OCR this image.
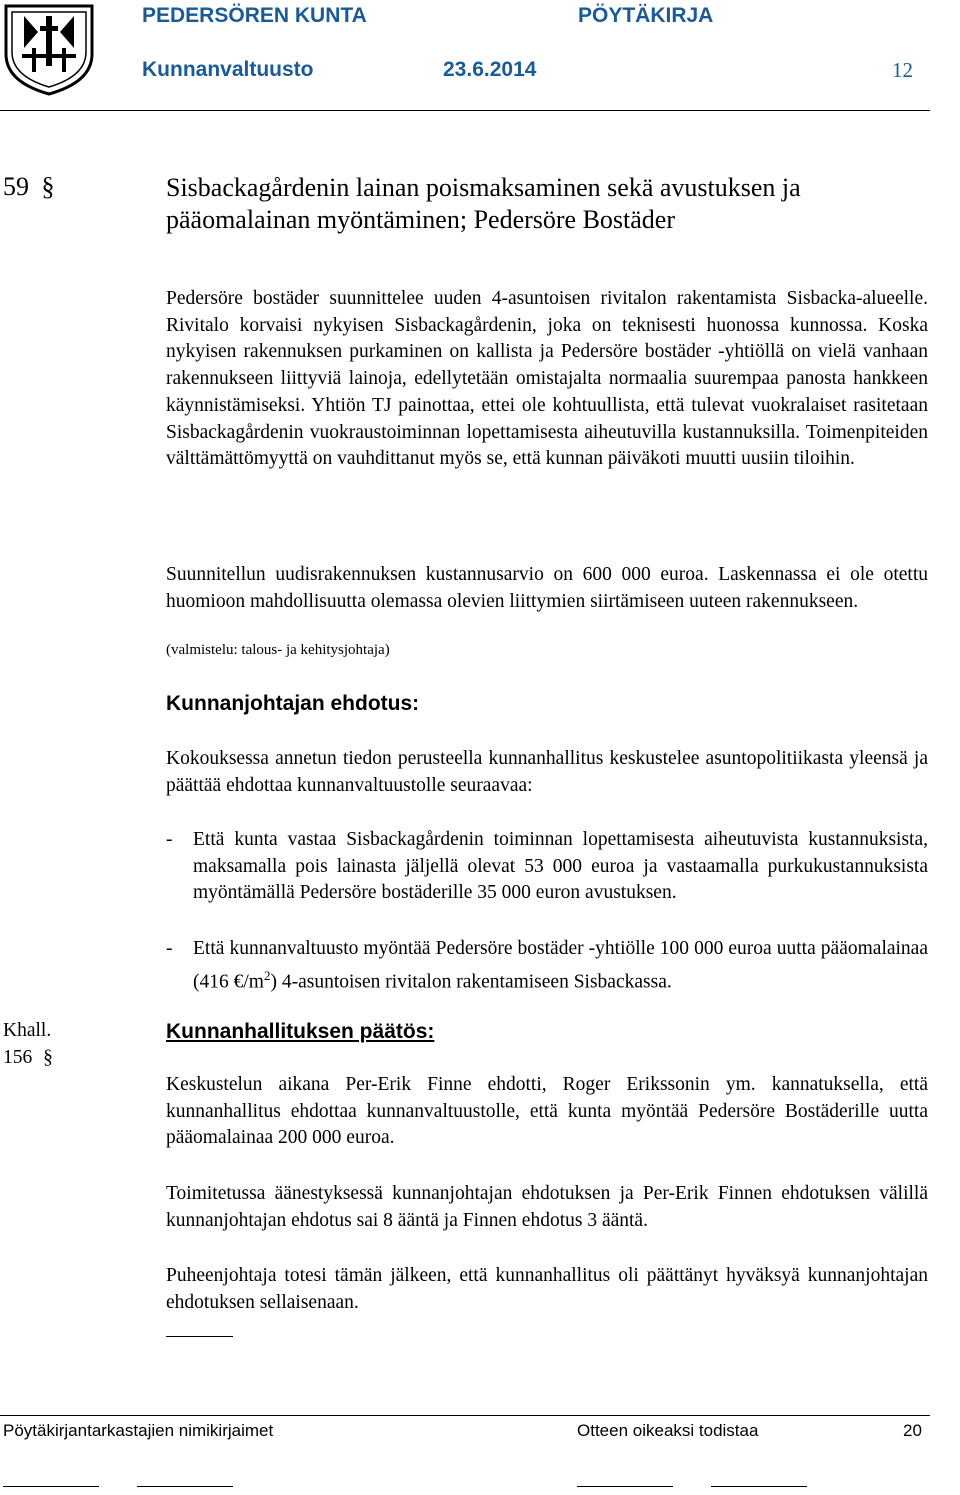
PEDERSÖREN KUNTA	PÖYTÄKIRJA
Kunnanvaltuusto	23.6.2014	12
59 §	Sisbackagårdenin lainan poismaksaminen sekä avustuksen ja pääomalainan myöntäminen; Pedersöre Bostäder
Pedersöre bostäder suunnittelee uuden 4-asuntoisen rivitalon rakentamista Sisbacka-alueelle. Rivitalo korvaisi nykyisen Sisbackagårdenin, joka on teknisesti huonossa kunnossa. Koska nykyisen rakennuksen purkaminen on kallista ja Pedersöre bostäder -yhtiöllä on vielä vanhaan rakennukseen liittyviä lainoja, edellytetään omistajalta normaalia suurempaa panosta hankkeen käynnistämiseksi. Yhtiön TJ painottaa, ettei ole kohtuullista, että tulevat vuokralaiset rasitetaan Sisbackagårdenin vuokraustoiminnan lopettamisesta aiheutuvilla kustannuksilla. Toimenpiteiden välttämättömyyttä on vauhdittanut myös se, että kunnan päiväkoti muutti uusiin tiloihin.
Suunnitellun uudisrakennuksen kustannusarvio on 600 000 euroa. Laskennassa ei ole otettu huomioon mahdollisuutta olemassa olevien liittymien siirtämiseen uuteen rakennukseen.
(valmistelu: talous- ja kehitysjohtaja)
Kunnanjohtajan ehdotus:
Kokouksessa annetun tiedon perusteella kunnanhallitus keskustelee asuntopolitiikasta yleensä ja päättää ehdottaa kunnanvaltuustolle seuraavaa:
- Että kunta vastaa Sisbackagårdenin toiminnan lopettamisesta aiheutuvista kustannuksista, maksamalla pois lainasta jäljellä olevat 53 000 euroa ja vastaamalla purkukustannuksista myöntämällä Pedersöre bostäderille 35 000 euron avustuksen.
- Että kunnanvaltuusto myöntää Pedersöre bostäder -yhtiölle 100 000 euroa uutta pääomalainaa (416 $€/m^2$) 4-asuntoisen rivitalon rakentamiseen Sisbackassa.
Khall.
156 §
Kunnanhallituksen päätös:
Keskustelun aikana Per-Erik Finne ehdotti, Roger Erikssonin ym. kannatuksella, että kunnanhallitus ehdottaa kunnanvaltuustolle, että kunta myöntää Pedersöre Bostäderille uutta pääomalainaa 200 000 euroa.
Toimitetussa äänestyksessä kunnanjohtajan ehdotuksen ja Per-Erik Finnen ehdotuksen välillä kunnanjohtajan ehdotus sai 8 ääntä ja Finnen ehdotus 3 ääntä.
Puheenjohtaja totesi tämän jälkeen, että kunnanhallitus oli päättänyt hyväksyä kunnanjohtajan ehdotuksen sellaisenaan.
Pöytäkirjantarkastajien nimikirjaimet	Otteen oikeaksi todistaa	20
